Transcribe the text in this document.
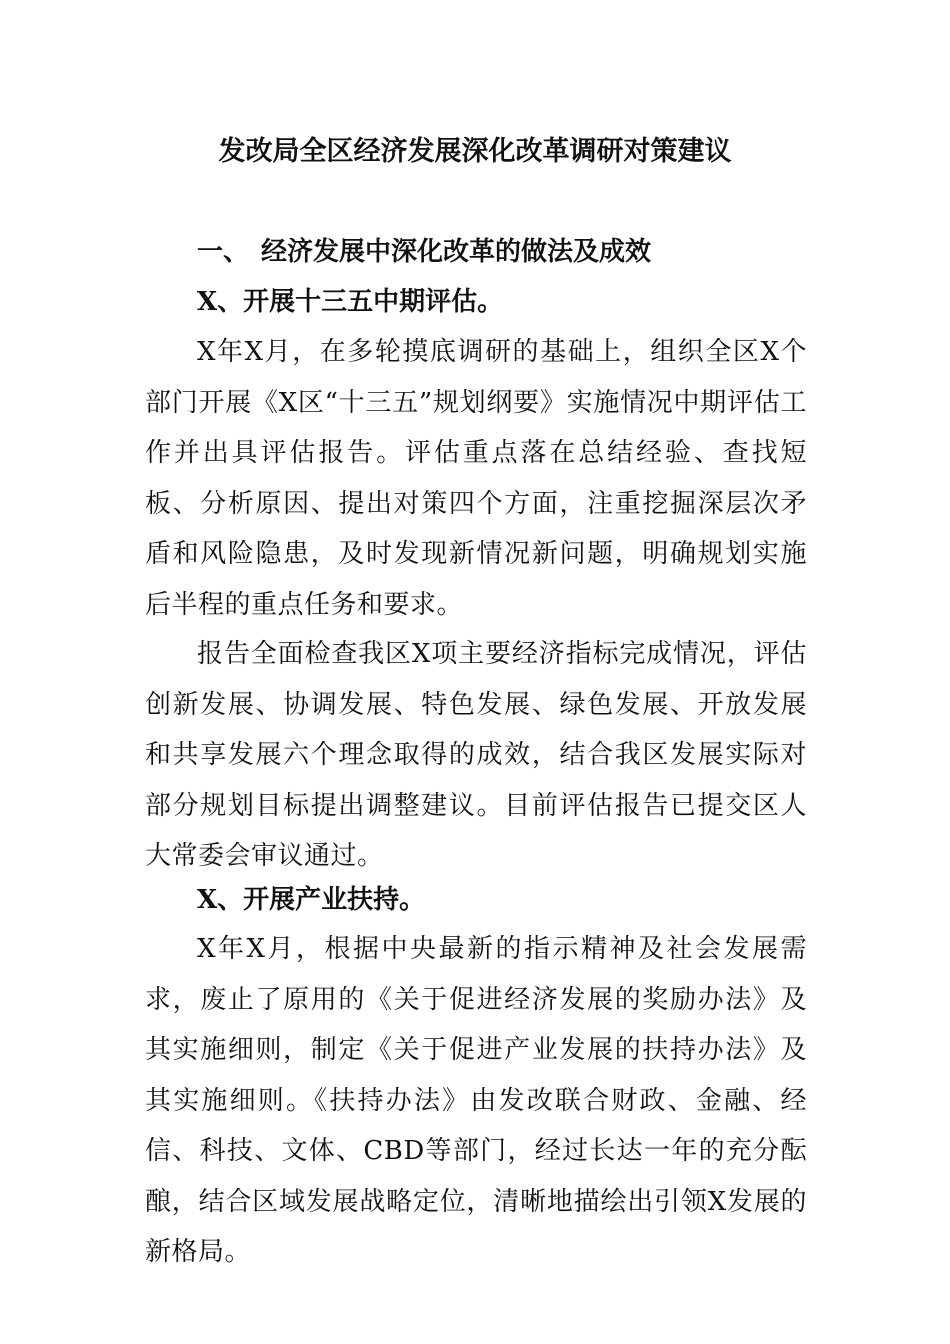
发改局全区经济发展深化改革调研对策建议
一、 经济发展中深化改革的做法及成效
X、开展十三五中期评估。
X年X月，在多轮摸底调研的基础上，组织全区X个部门开展《X区“十三五”规划纲要》实施情况中期评估工作并出具评估报告。评估重点落在总结经验、查找短板、分析原因、提出对策四个方面，注重挖掘深层次矛盾和风险隐患，及时发现新情况新问题，明确规划实施后半程的重点任务和要求。
报告全面检查我区X项主要经济指标完成情况，评估创新发展、协调发展、特色发展、绿色发展、开放发展和共享发展六个理念取得的成效，结合我区发展实际对部分规划目标提出调整建议。目前评估报告已提交区人大常委会审议通过。
X、开展产业扶持。
X年X月，根据中央最新的指示精神及社会发展需求，废止了原用的《关于促进经济发展的奖励办法》及其实施细则，制定《关于促进产业发展的扶持办法》及其实施细则。《扶持办法》由发改联合财政、金融、经信、科技、文体、CBD等部门，经过长达一年的充分酝酿，结合区域发展战略定位，清晰地描绘出引领X发展的新格局。
